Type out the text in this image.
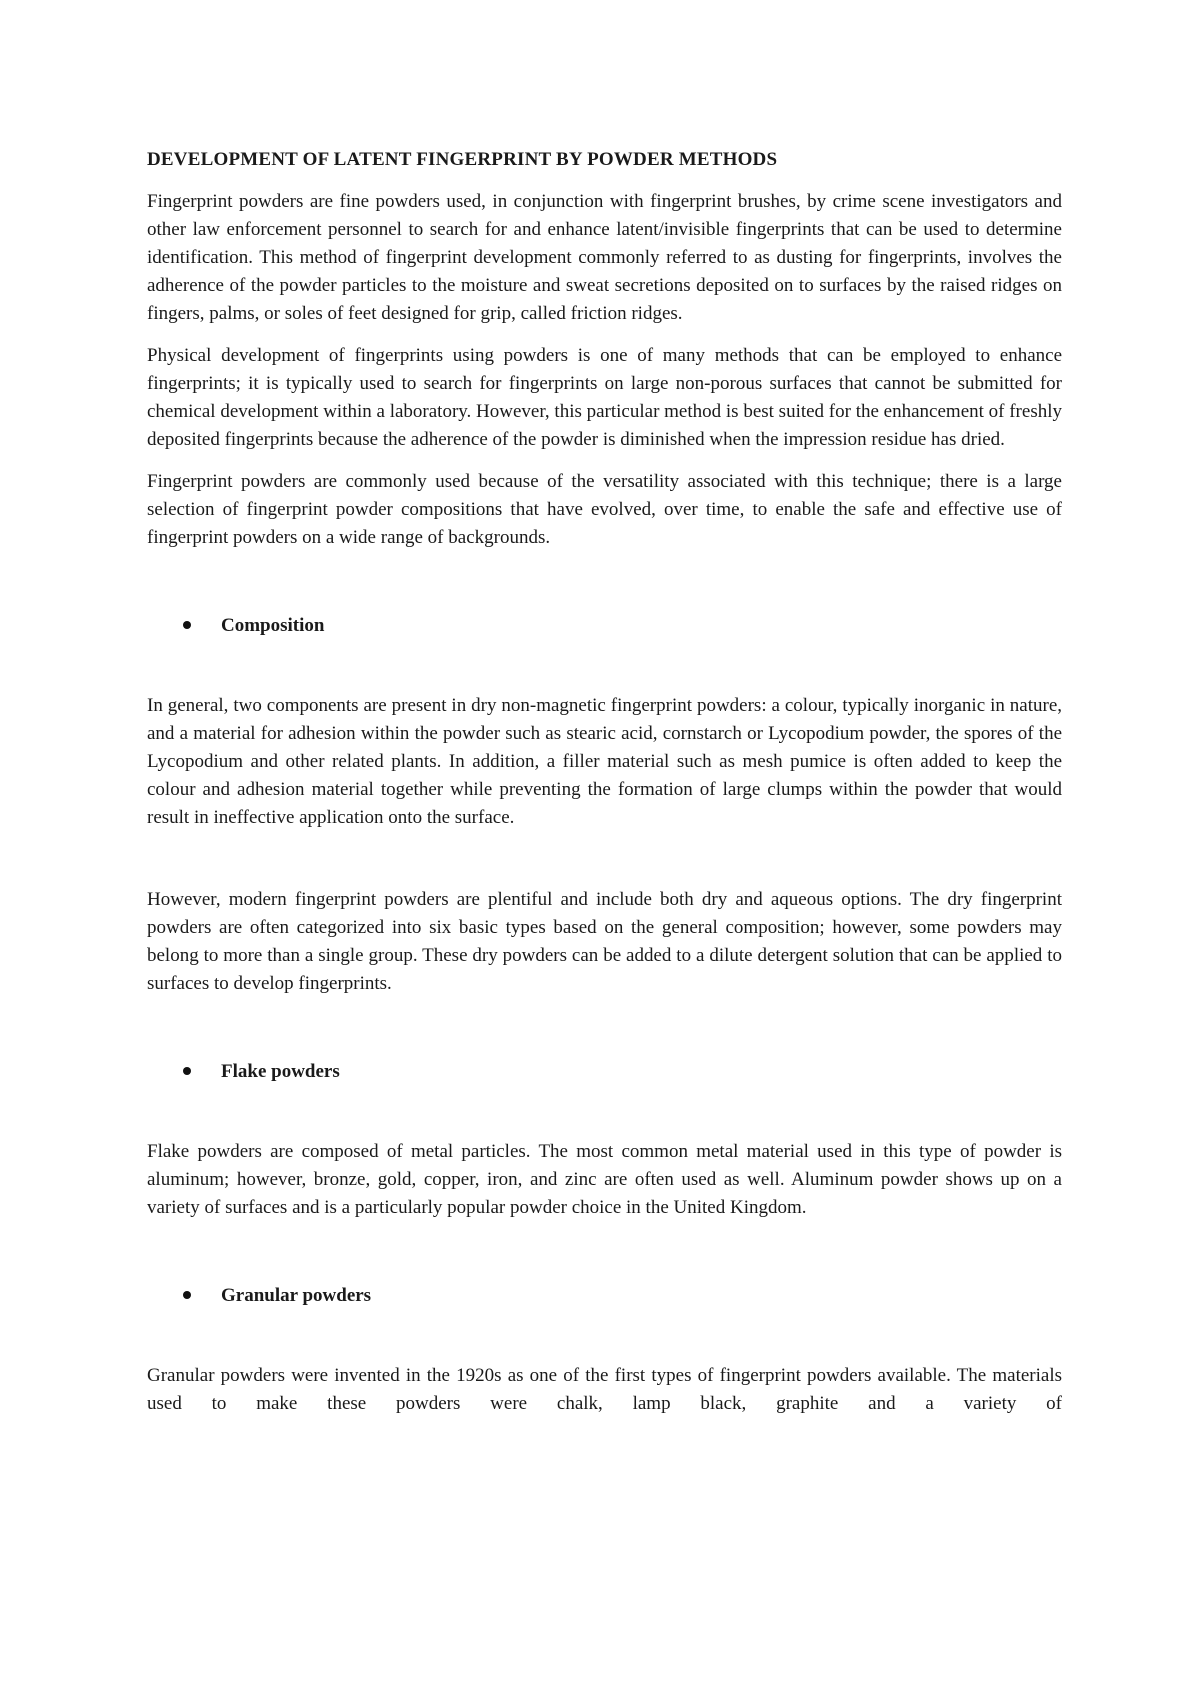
DEVELOPMENT OF LATENT FINGERPRINT BY POWDER METHODS

Fingerprint powders are fine powders used, in conjunction with fingerprint brushes, by crime scene investigators and other law enforcement personnel to search for and enhance latent/invisible fingerprints that can be used to determine identification. This method of fingerprint development commonly referred to as dusting for fingerprints, involves the adherence of the powder particles to the moisture and sweat secretions deposited on to surfaces by the raised ridges on fingers, palms, or soles of feet designed for grip, called friction ridges.

Physical development of fingerprints using powders is one of many methods that can be employed to enhance fingerprints; it is typically used to search for fingerprints on large non-porous surfaces that cannot be submitted for chemical development within a laboratory. However, this particular method is best suited for the enhancement of freshly deposited fingerprints because the adherence of the powder is diminished when the impression residue has dried.

Fingerprint powders are commonly used because of the versatility associated with this technique; there is a large selection of fingerprint powder compositions that have evolved, over time, to enable the safe and effective use of fingerprint powders on a wide range of backgrounds.

Composition

In general, two components are present in dry non-magnetic fingerprint powders: a colour, typically inorganic in nature, and a material for adhesion within the powder such as stearic acid, cornstarch or Lycopodium powder, the spores of the Lycopodium and other related plants. In addition, a filler material such as mesh pumice is often added to keep the colour and adhesion material together while preventing the formation of large clumps within the powder that would result in ineffective application onto the surface.

However, modern fingerprint powders are plentiful and include both dry and aqueous options. The dry fingerprint powders are often categorized into six basic types based on the general composition; however, some powders may belong to more than a single group. These dry powders can be added to a dilute detergent solution that can be applied to surfaces to develop fingerprints.

Flake powders

Flake powders are composed of metal particles. The most common metal material used in this type of powder is aluminum; however, bronze, gold, copper, iron, and zinc are often used as well. Aluminum powder shows up on a variety of surfaces and is a particularly popular powder choice in the United Kingdom.

Granular powders

Granular powders were invented in the 1920s as one of the first types of fingerprint powders available. The materials used to make these powders were chalk, lamp black, graphite and a variety of
